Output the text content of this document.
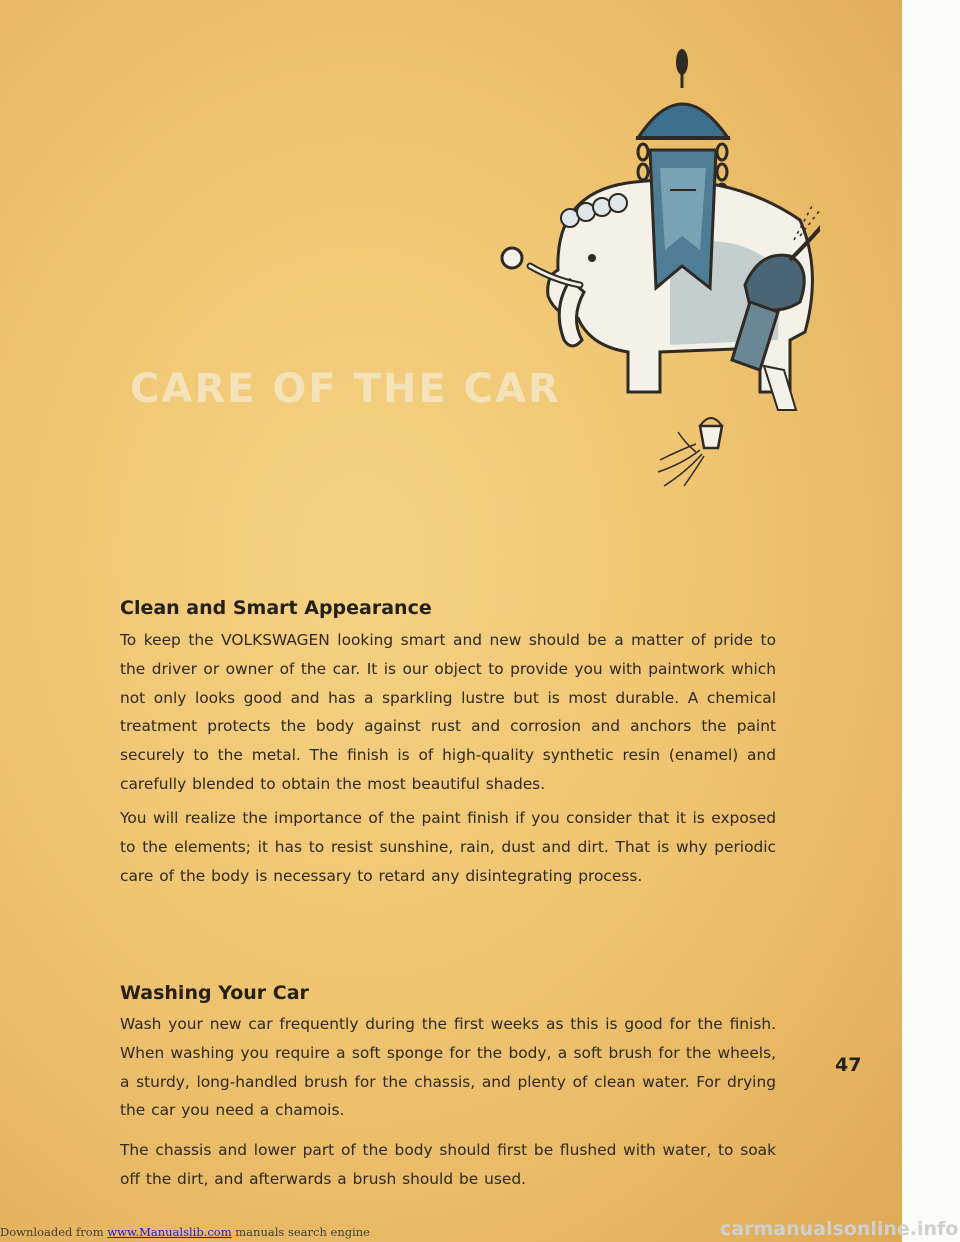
CARE OF THE CAR
Clean and Smart Appearance

To keep the VOLKSWAGEN looking smart and new should be a matter of pride to the driver or owner of the car. It is our object to provide you with paintwork which not only looks good and has a sparkling lustre but is most durable. A chemical treatment protects the body against rust and corrosion and anchors the paint securely to the metal. The finish is of high-quality synthetic resin (enamel) and carefully blended to obtain the most beautiful shades.

You will realize the importance of the paint finish if you consider that it is exposed to the elements; it has to resist sunshine, rain, dust and dirt. That is why periodic care of the body is necessary to retard any disintegrating process.

Washing Your Car

Wash your new car frequently during the first weeks as this is good for the finish. When washing you require a soft sponge for the body, a soft brush for the wheels, a sturdy, long-handled brush for the chassis, and plenty of clean water. For drying the car you need a chamois.

The chassis and lower part of the body should first be flushed with water, to soak off the dirt, and afterwards a brush should be used.

47
Downloaded from www.Manualslib.com manuals search engine	carmanualsonline.info
